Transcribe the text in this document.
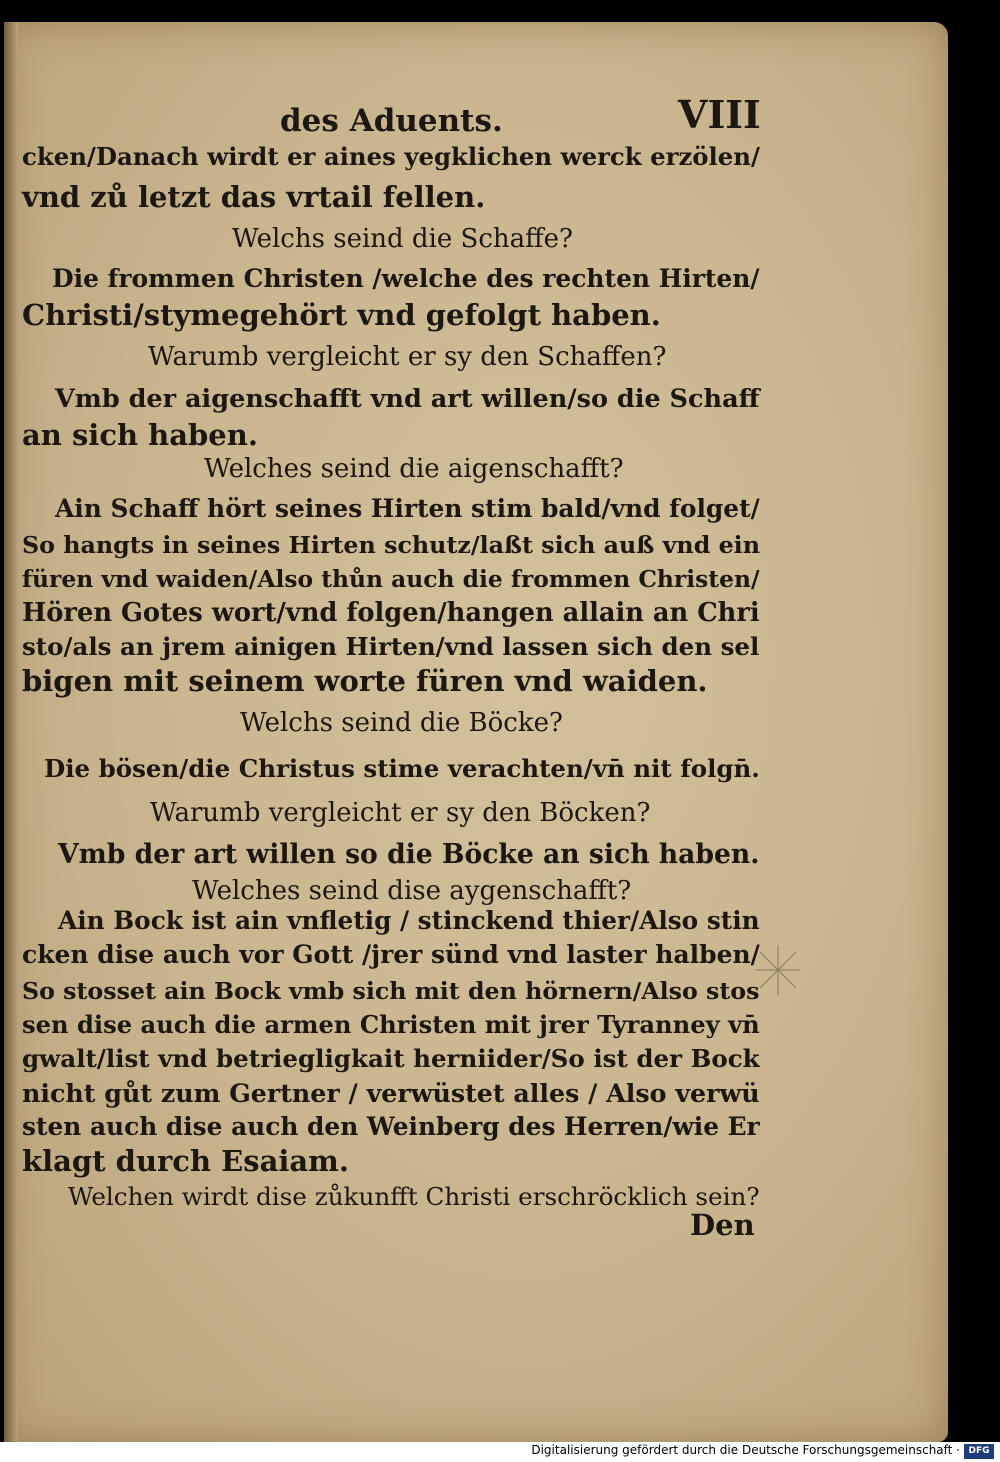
des Aduents.	VIII
cken/Danach wirdt er aines yegklichen werck erzölen/
vnd zů letzt das vrtail fellen.
Welchs seind die Schaffe?
Die frommen Christen /welche des rechten Hirten/
Christi/stymegehört vnd gefolgt haben.
Warumb vergleicht er sy den Schaffen?
Vmb der aigenschafft vnd art willen/so die Schaff
an sich haben.
Welches seind die aigenschafft?
Ain Schaff hört seines Hirten stim bald/vnd folget/
So hangts in seines Hirten schutz/laßt sich auß vnd ein
füren vnd waiden/Also thůn auch die frommen Christen/
Hören Gotes wort/vnd folgen/hangen allain an Chri
sto/als an jrem ainigen Hirten/vnd lassen sich den sel
bigen mit seinem worte füren vnd waiden.
Welchs seind die Böcke?
Die bösen/die Christus stime verachten/vn̄ nit folgn̄.
Warumb vergleicht er sy den Böcken?
Vmb der art willen so die Böcke an sich haben.
Welches seind dise aygenschafft?
Ain Bock ist ain vnfletig / stinckend thier/Also stin
cken dise auch vor Gott /jrer sünd vnd laster halben/
So stosset ain Bock vmb sich mit den hörnern/Also stos
sen dise auch die armen Christen mit jrer Tyranney vn̄
gwalt/list vnd betriegligkait herniider/So ist der Bock
nicht gůt zum Gertner / verwüstet alles / Also verwü
sten auch dise auch den Weinberg des Herren/wie Er
klagt durch Esaiam.
Welchen wirdt dise zůkunfft Christi erschröcklich sein?
Den
Digitalisierung gefördert durch die Deutsche Forschungsgemeinschaft · DFG
